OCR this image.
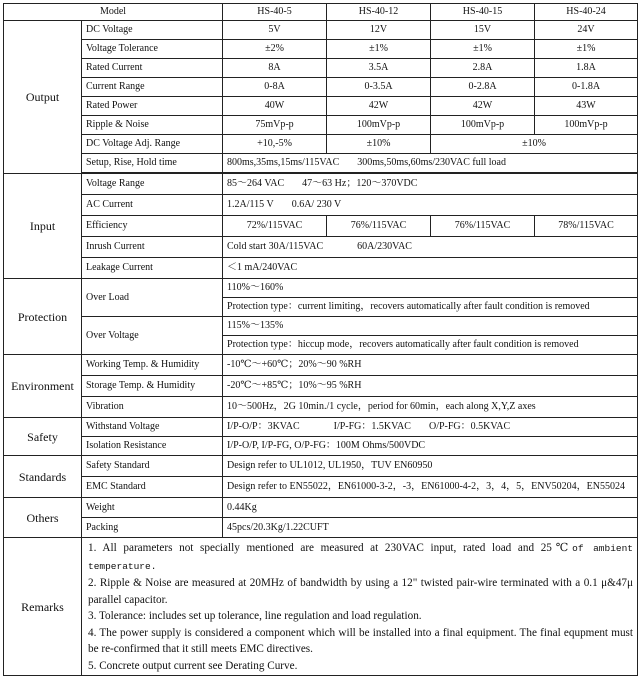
Model		HS-40-5	HS-40-12	HS-40-15	HS-40-24
Output	DC Voltage	5V	12V	15V	24V
	Voltage Tolerance	±2%	±1%	±1%	±1%
	Rated Current	8A	3.5A	2.8A	1.8A
	Current Range	0-8A	0-3.5A	0-2.8A	0-1.8A
	Rated Power	40W	42W	42W	43W
	Ripple & Noise	75mVp-p	100mVp-p	100mVp-p	100mVp-p
	DC Voltage Adj. Range	+10,-5%	±10%	±10%	
	Setup, Rise, Hold time	800ms,35ms,15ms/115VAC 300ms,50ms,60ms/230VAC full load			

Input	Voltage Range	85～264 VAC 47～63 Hz；120～370VDC			
	AC Current	1.2A/115 V 0.6A/ 230 V			
	Efficiency	72%/115VAC	76%/115VAC	76%/115VAC	78%/115VAC
	Inrush Current	Cold start 30A/115VAC 60A/230VAC			
	Leakage Current	＜1 mA/240VAC			
Protection	Over Load	110%～160%			
		Protection type：current limiting，recovers automatically after fault condition is removed			
	Over Voltage	115%～135%			
		Protection type：hiccup mode，recovers automatically after fault condition is removed			
Environment	Working Temp. & Humidity	-10℃～+60℃；20%～90 %RH			
	Storage Temp. & Humidity	-20℃～+85℃；10%～95 %RH			
	Vibration	10～500Hz，2G 10min./1 cycle，period for 60min，each along X,Y,Z axes			
Safety	Withstand Voltage	I/P-O/P：3KVAC I/P-FG：1.5KVAC O/P-FG：0.5KVAC			
	Isolation Resistance	I/P-O/P, I/P-FG, O/P-FG：100M Ohms/500VDC			
Standards	Safety Standard	Design refer to UL1012, UL1950，TUV EN60950			
	EMC Standard	Design refer to EN55022，EN61000-3-2，-3，EN61000-4-2，3，4，5，ENV50204，EN55024			
Others	Weight	0.44Kg			
	Packing	45pcs/20.3Kg/1.22CUFT			
Remarks	1. All parameters not specially mentioned are measured at 230VAC input, rated load and 25℃of ambient temperature.
2. Ripple & Noise are measured at 20MHz of bandwidth by using a 12" twisted pair-wire terminated with a 0.1 μ&47μ parallel capacitor.
3. Tolerance: includes set up tolerance, line regulation and load regulation.
4. The power supply is considered a component which will be installed into a final equipment. The final equpment must be re-confirmed that it still meets EMC directives.
5. Concrete output current see Derating Curve.				
